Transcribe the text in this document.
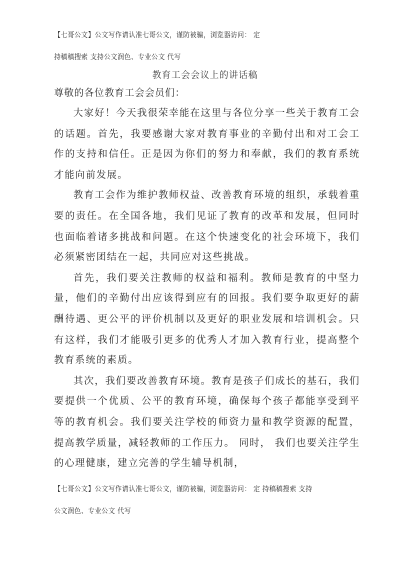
【七哥公文】公文写作请认准七哥公文，谨防被骗，浏览器访问： 定
持稿稿搜索 支持公文润色、专业公文 代写
教育工会会议上的讲话稿
尊敬的各位教育工会会员们：

大家好！今天我很荣幸能在这里与各位分享一些关于教育工会的话题。首先，我要感谢大家对教育事业的辛勤付出和对工会工作的支持和信任。正是因为你们的努力和奉献，我们的教育系统才能向前发展。

教育工会作为维护教师权益、改善教育环境的组织，承载着重要的责任。在全国各地，我们见证了教育的改革和发展，但同时也面临着诸多挑战和问题。在这个快速变化的社会环境下，我们必须紧密团结在一起，共同应对这些挑战。

首先，我们要关注教师的权益和福利。教师是教育的中坚力量，他们的辛勤付出应该得到应有的回报。我们要争取更好的薪酬待遇、更公平的评价机制以及更好的职业发展和培训机会。只有这样，我们才能吸引更多的优秀人才加入教育行业，提高整个教育系统的素质。

其次，我们要改善教育环境。教育是孩子们成长的基石，我们要提供一个优质、公平的教育环境，确保每个孩子都能享受到平等的教育机会。我们要关注学校的师资力量和教学资源的配置，提高教学质量，减轻教师的工作压力。 同时， 我们也要关注学生的心理健康，建立完善的学生辅导机制，

【七哥公文】公文写作请认准七哥公文，谨防被骗，浏览器访问： 定 持稿稿搜索 支持
公文润色、专业公文 代写
